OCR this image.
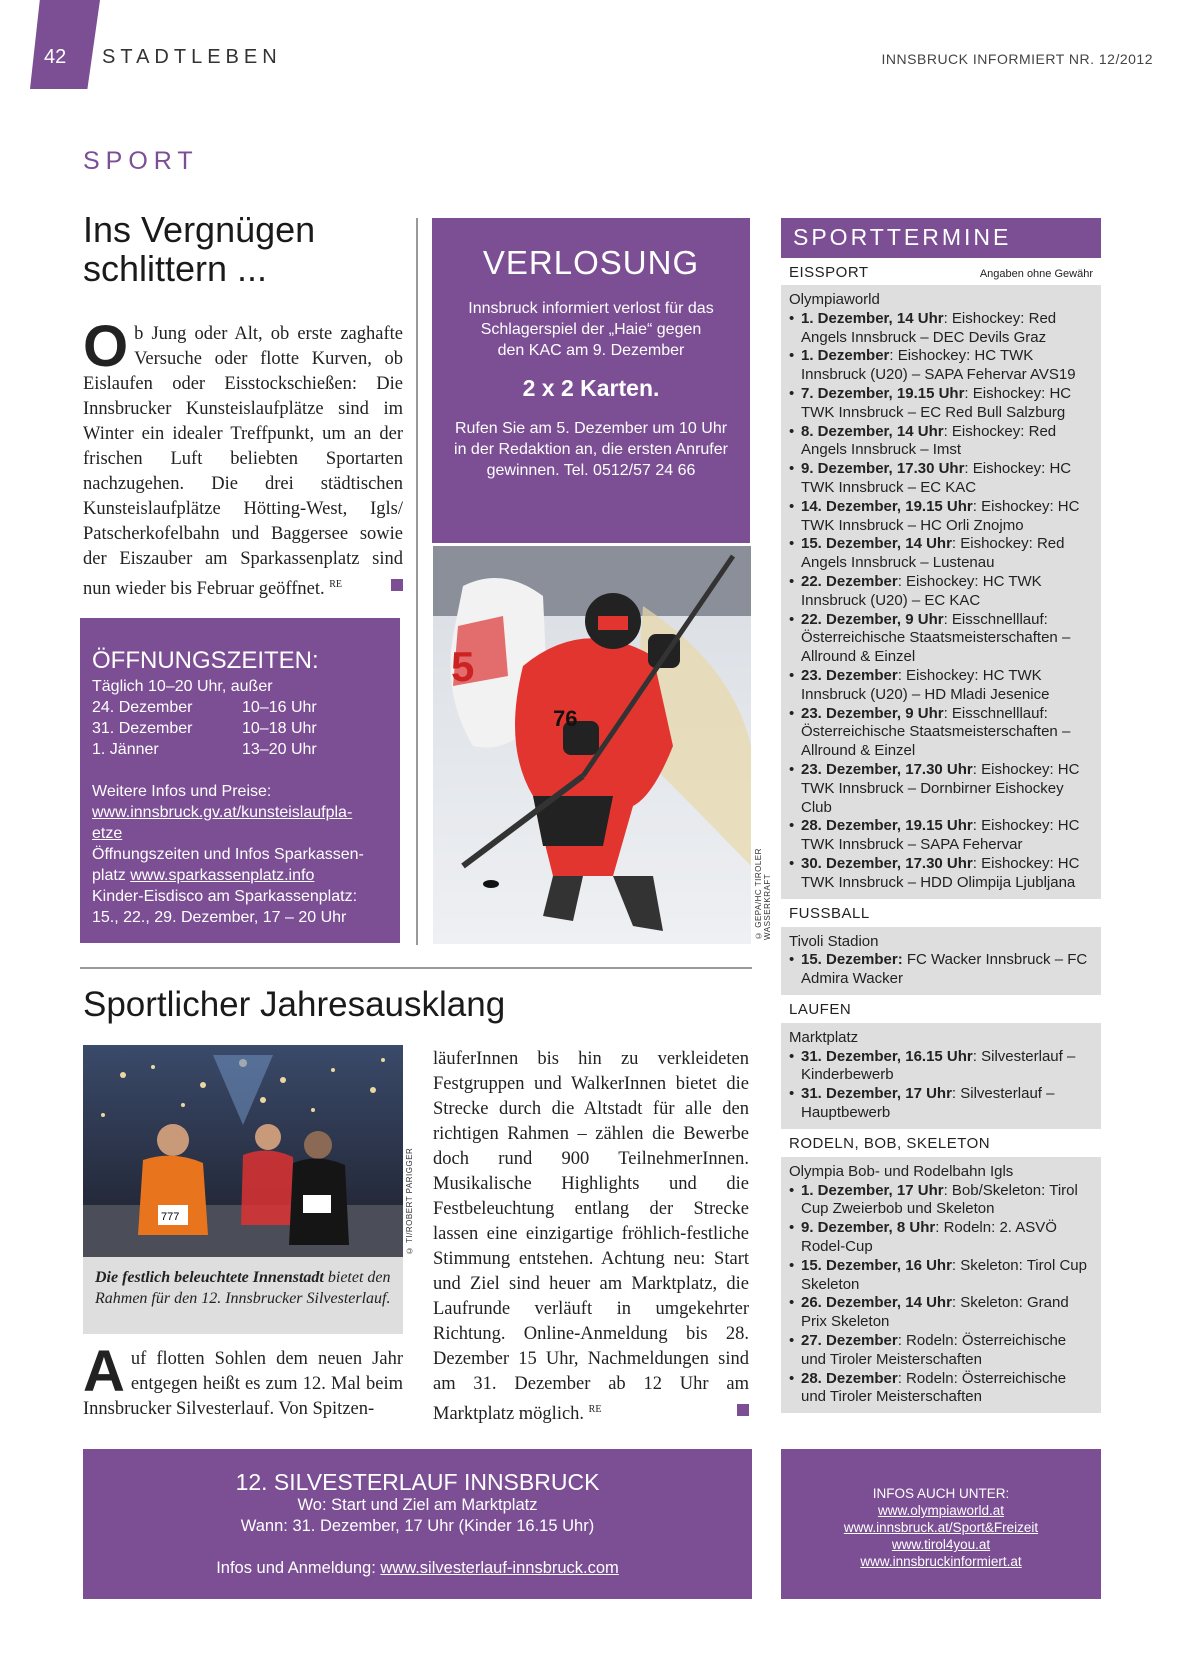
42 STADTLEBEN	INNSBRUCK INFORMIERT NR. 12/2012
SPORT
Ins Vergnügen schlittern ...
Ob Jung oder Alt, ob erste zaghafte Versuche oder flotte Kurven, ob Eislaufen oder Eisstockschießen: Die Innsbrucker Kunsteislaufplätze sind im Winter ein idealer Treffpunkt, um an der frischen Luft beliebten Sportarten nachzugehen. Die drei städtischen Kunsteislaufplätze Hötting-West, Igls/ Patscherkofelbahn und Baggersee sowie der Eiszauber am Sparkassenplatz sind nun wieder bis Februar geöffnet. $^{RE}$
ÖFFNUNGSZEITEN:
Täglich 10–20 Uhr, außer
24. Dezember	10–16 Uhr
31. Dezember	10–18 Uhr
1. Jänner	13–20 Uhr
Weitere Infos und Preise:
www.innsbruck.gv.at/kunsteislaufpla-etze
Öffnungszeiten und Infos Sparkassen-platz www.sparkassenplatz.info
Kinder-Eisdisco am Sparkassenplatz: 15., 22., 29. Dezember, 17 – 20 Uhr
VERLOSUNG
Innsbruck informiert verlost für das Schlagerspiel der „Haie“ gegen den KAC am 9. Dezember
2 x 2 Karten.
Rufen Sie am 5. Dezember um 10 Uhr in der Redaktion an, die ersten Anrufer gewinnen. Tel. 0512/57 24 66
5
76
© GEPA/HC TIROLER WASSERKRAFT
SPORTTERMINE
EISSPORT	Angaben ohne Gewähr
Olympiaworld
• 1. Dezember, 14 Uhr: Eishockey: Red Angels Innsbruck – DEC Devils Graz
• 1. Dezember: Eishockey: HC TWK Innsbruck (U20) – SAPA Fehervar AVS19
• 7. Dezember, 19.15 Uhr: Eishockey: HC TWK Innsbruck – EC Red Bull Salzburg
• 8. Dezember, 14 Uhr: Eishockey: Red Angels Innsbruck – Imst
• 9. Dezember, 17.30 Uhr: Eishockey: HC TWK Innsbruck – EC KAC
• 14. Dezember, 19.15 Uhr: Eishockey: HC TWK Innsbruck – HC Orli Znojmo
• 15. Dezember, 14 Uhr: Eishockey: Red Angels Innsbruck – Lustenau
• 22. Dezember: Eishockey: HC TWK Innsbruck (U20) – EC KAC
• 22. Dezember, 9 Uhr: Eisschnelllauf: Österreichische Staatsmeisterschaften – Allround & Einzel
• 23. Dezember: Eishockey: HC TWK Innsbruck (U20) – HD Mladi Jesenice
• 23. Dezember, 9 Uhr: Eisschnelllauf: Österreichische Staatsmeisterschaften – Allround & Einzel
• 23. Dezember, 17.30 Uhr: Eishockey: HC TWK Innsbruck – Dornbirner Eishockey Club
• 28. Dezember, 19.15 Uhr: Eishockey: HC TWK Innsbruck – SAPA Fehervar
• 30. Dezember, 17.30 Uhr: Eishockey: HC TWK Innsbruck – HDD Olimpija Ljubljana
FUSSBALL
Tivoli Stadion
• 15. Dezember: FC Wacker Innsbruck – FC Admira Wacker
LAUFEN
Marktplatz
• 31. Dezember, 16.15 Uhr: Silvesterlauf – Kinderbewerb
• 31. Dezember, 17 Uhr: Silvesterlauf – Hauptbewerb
RODELN, BOB, SKELETON
Olympia Bob- und Rodelbahn Igls
• 1. Dezember, 17 Uhr: Bob/Skeleton: Tirol Cup Zweierbob und Skeleton
• 9. Dezember, 8 Uhr: Rodeln: 2. ASVÖ Rodel-Cup
• 15. Dezember, 16 Uhr: Skeleton: Tirol Cup Skeleton
• 26. Dezember, 14 Uhr: Skeleton: Grand Prix Skeleton
• 27. Dezember: Rodeln: Österreichische und Tiroler Meisterschaften
• 28. Dezember: Rodeln: Österreichische und Tiroler Meisterschaften
Sportlicher Jahresausklang
777	© TI/ROBERT PARIGGER
Die festlich beleuchtete Innenstadt bietet den Rahmen für den 12. Innsbrucker Silvesterlauf.
Auf flotten Sohlen dem neuen Jahr entgegen heißt es zum 12. Mal beim Innsbrucker Silvesterlauf. Von Spitzen-
läuferInnen bis hin zu verkleideten Festgruppen und WalkerInnen bietet die Strecke durch die Altstadt für alle den richtigen Rahmen – zählen die Bewerbe doch rund 900 TeilnehmerInnen. Musikalische Highlights und die Festbeleuchtung entlang der Strecke lassen eine einzigartige fröhlich-festliche Stimmung entstehen. Achtung neu: Start und Ziel sind heuer am Marktplatz, die Laufrunde verläuft in umgekehrter Richtung. Online-Anmeldung bis 28. Dezember 15 Uhr, Nachmeldungen sind am 31. Dezember ab 12 Uhr am Marktplatz möglich. $^{RE}$
12. SILVESTERLAUF INNSBRUCK
Wo: Start und Ziel am Marktplatz
Wann: 31. Dezember, 17 Uhr (Kinder 16.15 Uhr)
Infos und Anmeldung: www.silvesterlauf-innsbruck.com
INFOS AUCH UNTER:
www.olympiaworld.at
www.innsbruck.at/Sport&Freizeit
www.tirol4you.at
www.innsbruckinformiert.at
